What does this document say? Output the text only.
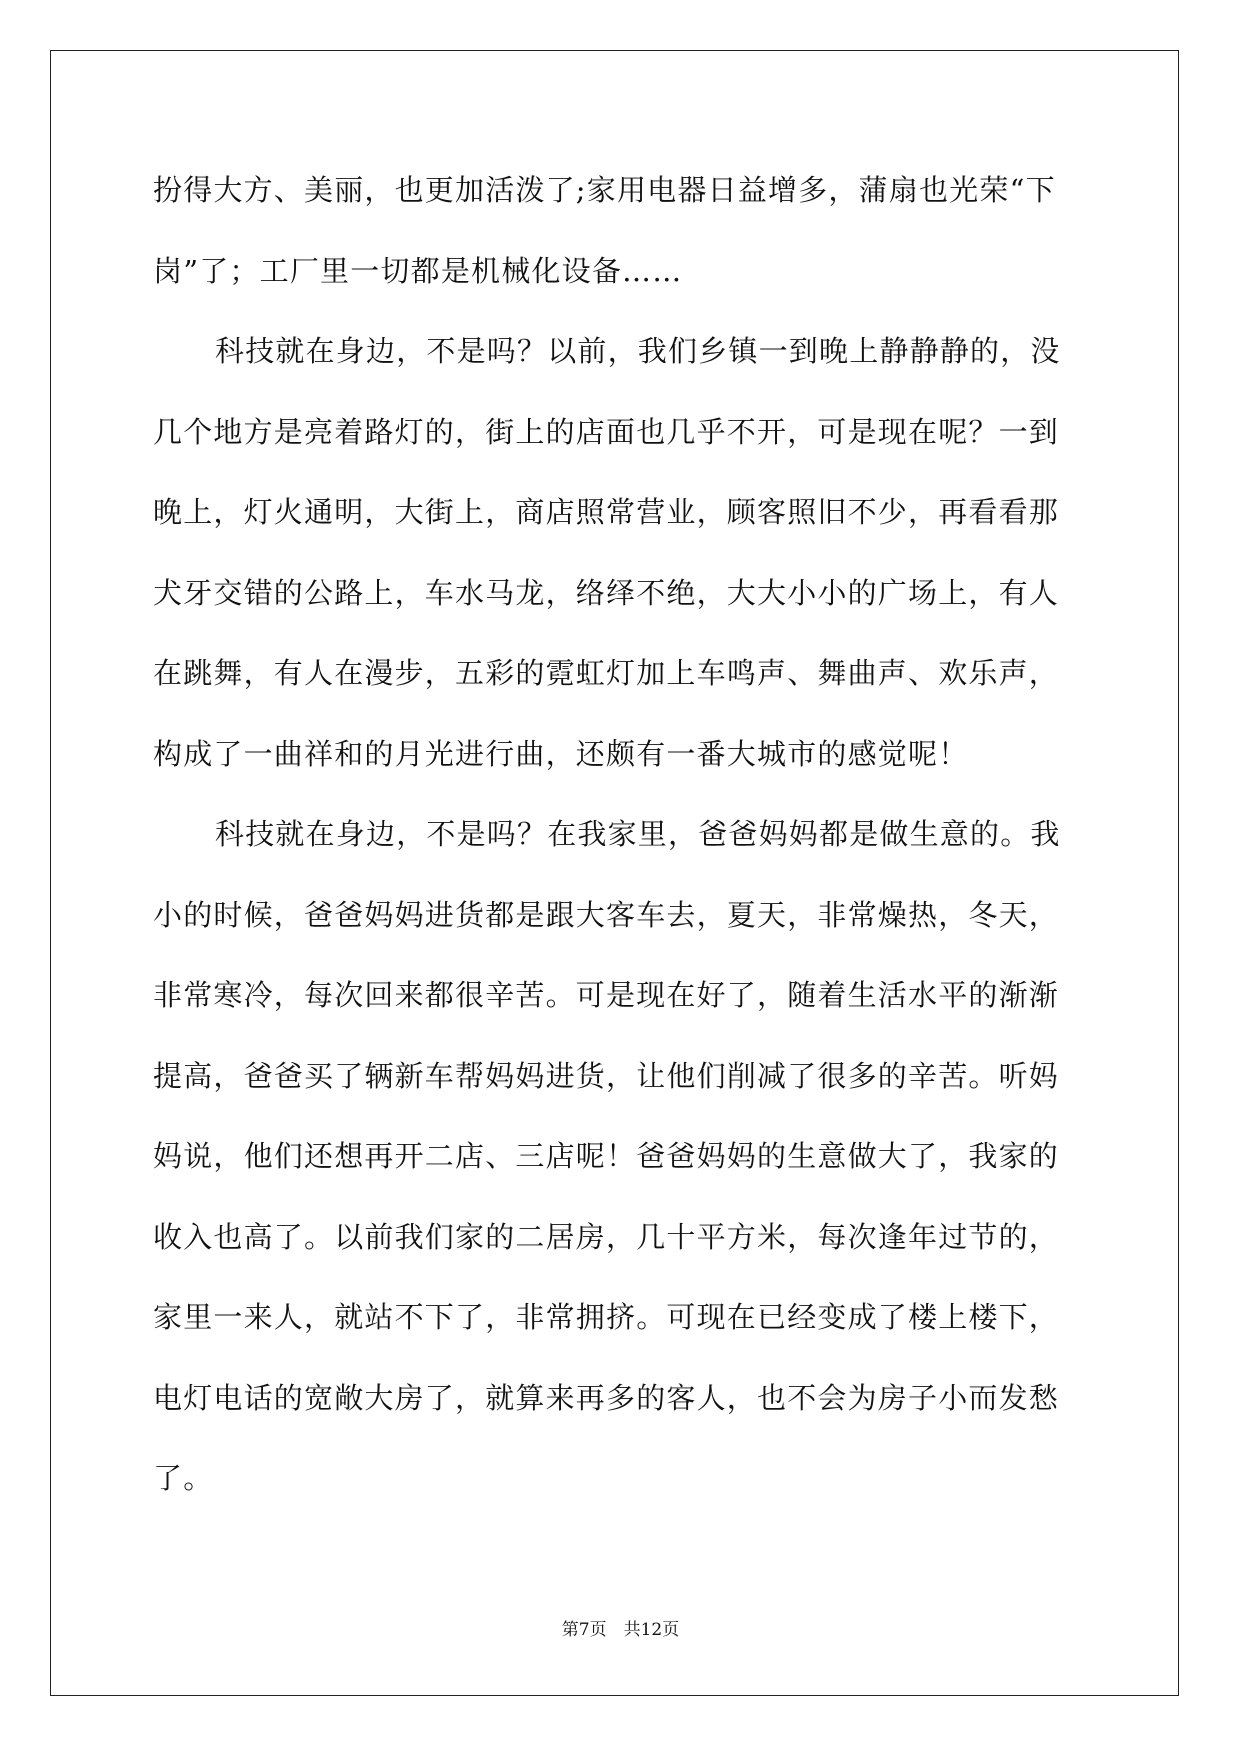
扮得大方、美丽，也更加活泼了;家用电器日益增多，蒲扇也光荣“下
岗”了；工厂里一切都是机械化设备……
科技就在身边，不是吗？以前，我们乡镇一到晚上静静静的，没
几个地方是亮着路灯的，街上的店面也几乎不开，可是现在呢？一到
晚上，灯火通明，大街上，商店照常营业，顾客照旧不少，再看看那
犬牙交错的公路上，车水马龙，络绎不绝，大大小小的广场上，有人
在跳舞，有人在漫步，五彩的霓虹灯加上车鸣声、舞曲声、欢乐声，
构成了一曲祥和的月光进行曲，还颇有一番大城市的感觉呢！
科技就在身边，不是吗？在我家里，爸爸妈妈都是做生意的。我
小的时候，爸爸妈妈进货都是跟大客车去，夏天，非常燥热，冬天，
非常寒冷，每次回来都很辛苦。可是现在好了，随着生活水平的渐渐
提高，爸爸买了辆新车帮妈妈进货，让他们削减了很多的辛苦。听妈
妈说，他们还想再开二店、三店呢！爸爸妈妈的生意做大了，我家的
收入也高了。以前我们家的二居房，几十平方米，每次逢年过节的，
家里一来人，就站不下了，非常拥挤。可现在已经变成了楼上楼下，
电灯电话的宽敞大房了，就算来再多的客人，也不会为房子小而发愁
了。
第7页　共12页
